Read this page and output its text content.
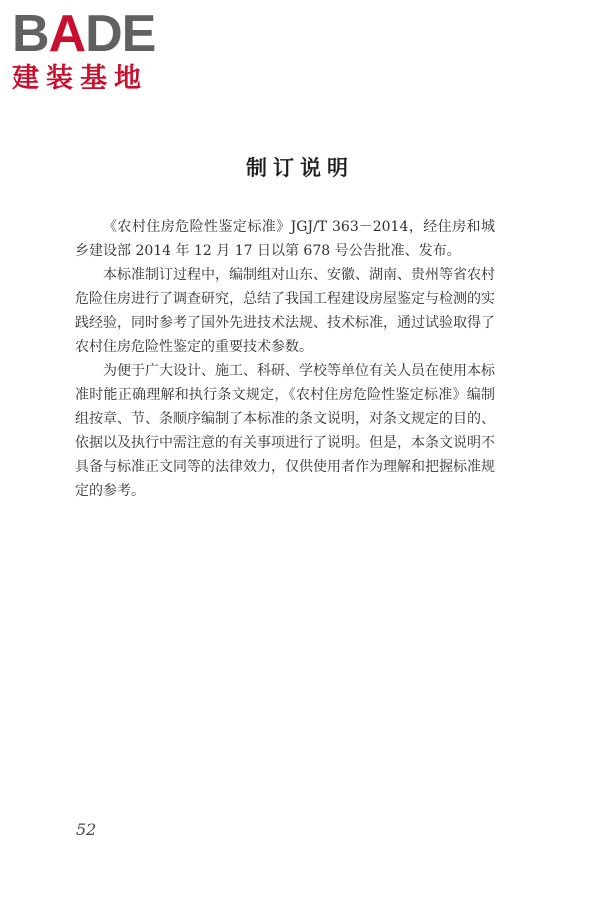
BADE
建装基地
制订说明

《农村住房危险性鉴定标准》JGJ/T 363－2014，经住房和城乡建设部 2014 年 12 月 17 日以第 678 号公告批准、发布。

本标准制订过程中，编制组对山东、安徽、湖南、贵州等省农村危险住房进行了调查研究，总结了我国工程建设房屋鉴定与检测的实践经验，同时参考了国外先进技术法规、技术标准，通过试验取得了农村住房危险性鉴定的重要技术参数。

为便于广大设计、施工、科研、学校等单位有关人员在使用本标准时能正确理解和执行条文规定，《农村住房危险性鉴定标准》编制组按章、节、条顺序编制了本标准的条文说明，对条文规定的目的、依据以及执行中需注意的有关事项进行了说明。但是，本条文说明不具备与标准正文同等的法律效力，仅供使用者作为理解和把握标准规定的参考。

52
